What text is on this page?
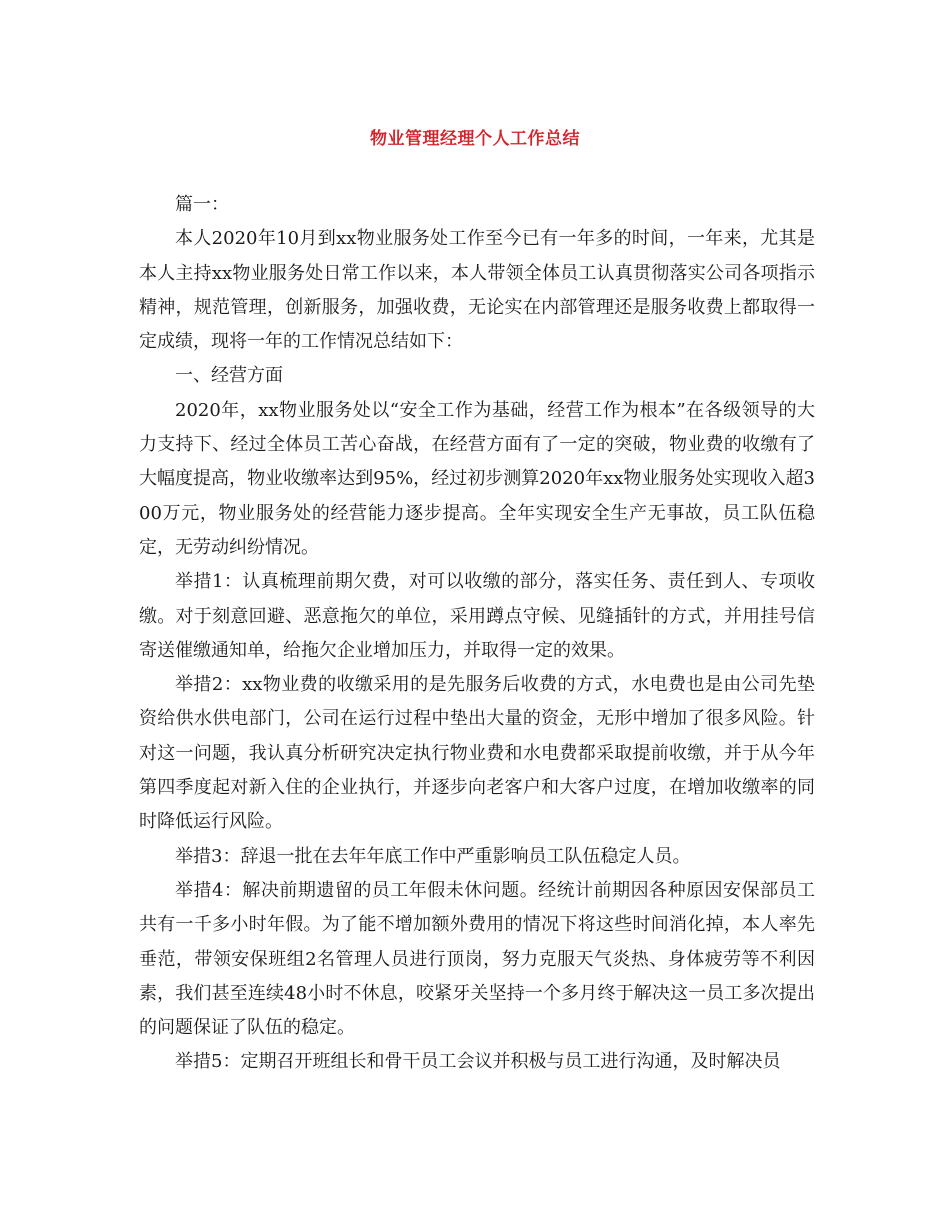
物业管理经理个人工作总结

篇一：

本人2020年10月到xx物业服务处工作至今已有一年多的时间，一年来，尤其是本人主持xx物业服务处日常工作以来，本人带领全体员工认真贯彻落实公司各项指示精神，规范管理，创新服务，加强收费，无论实在内部管理还是服务收费上都取得一定成绩，现将一年的工作情况总结如下：

一、经营方面

2020年，xx物业服务处以“安全工作为基础，经营工作为根本”在各级领导的大力支持下、经过全体员工苦心奋战，在经营方面有了一定的突破，物业费的收缴有了大幅度提高，物业收缴率达到95%，经过初步测算2020年xx物业服务处实现收入超300万元，物业服务处的经营能力逐步提高。全年实现安全生产无事故，员工队伍稳定，无劳动纠纷情况。

举措1：认真梳理前期欠费，对可以收缴的部分，落实任务、责任到人、专项收缴。对于刻意回避、恶意拖欠的单位，采用蹲点守候、见缝插针的方式，并用挂号信寄送催缴通知单，给拖欠企业增加压力，并取得一定的效果。

举措2：xx物业费的收缴采用的是先服务后收费的方式，水电费也是由公司先垫资给供水供电部门，公司在运行过程中垫出大量的资金，无形中增加了很多风险。针对这一问题，我认真分析研究决定执行物业费和水电费都采取提前收缴，并于从今年第四季度起对新入住的企业执行，并逐步向老客户和大客户过度，在增加收缴率的同时降低运行风险。

举措3：辞退一批在去年年底工作中严重影响员工队伍稳定人员。

举措4：解决前期遗留的员工年假未休问题。经统计前期因各种原因安保部员工共有一千多小时年假。为了能不增加额外费用的情况下将这些时间消化掉，本人率先垂范，带领安保班组2名管理人员进行顶岗，努力克服天气炎热、身体疲劳等不利因素，我们甚至连续48小时不休息，咬紧牙关坚持一个多月终于解决这一员工多次提出的问题保证了队伍的稳定。

举措5：定期召开班组长和骨干员工会议并积极与员工进行沟通，及时解决员
